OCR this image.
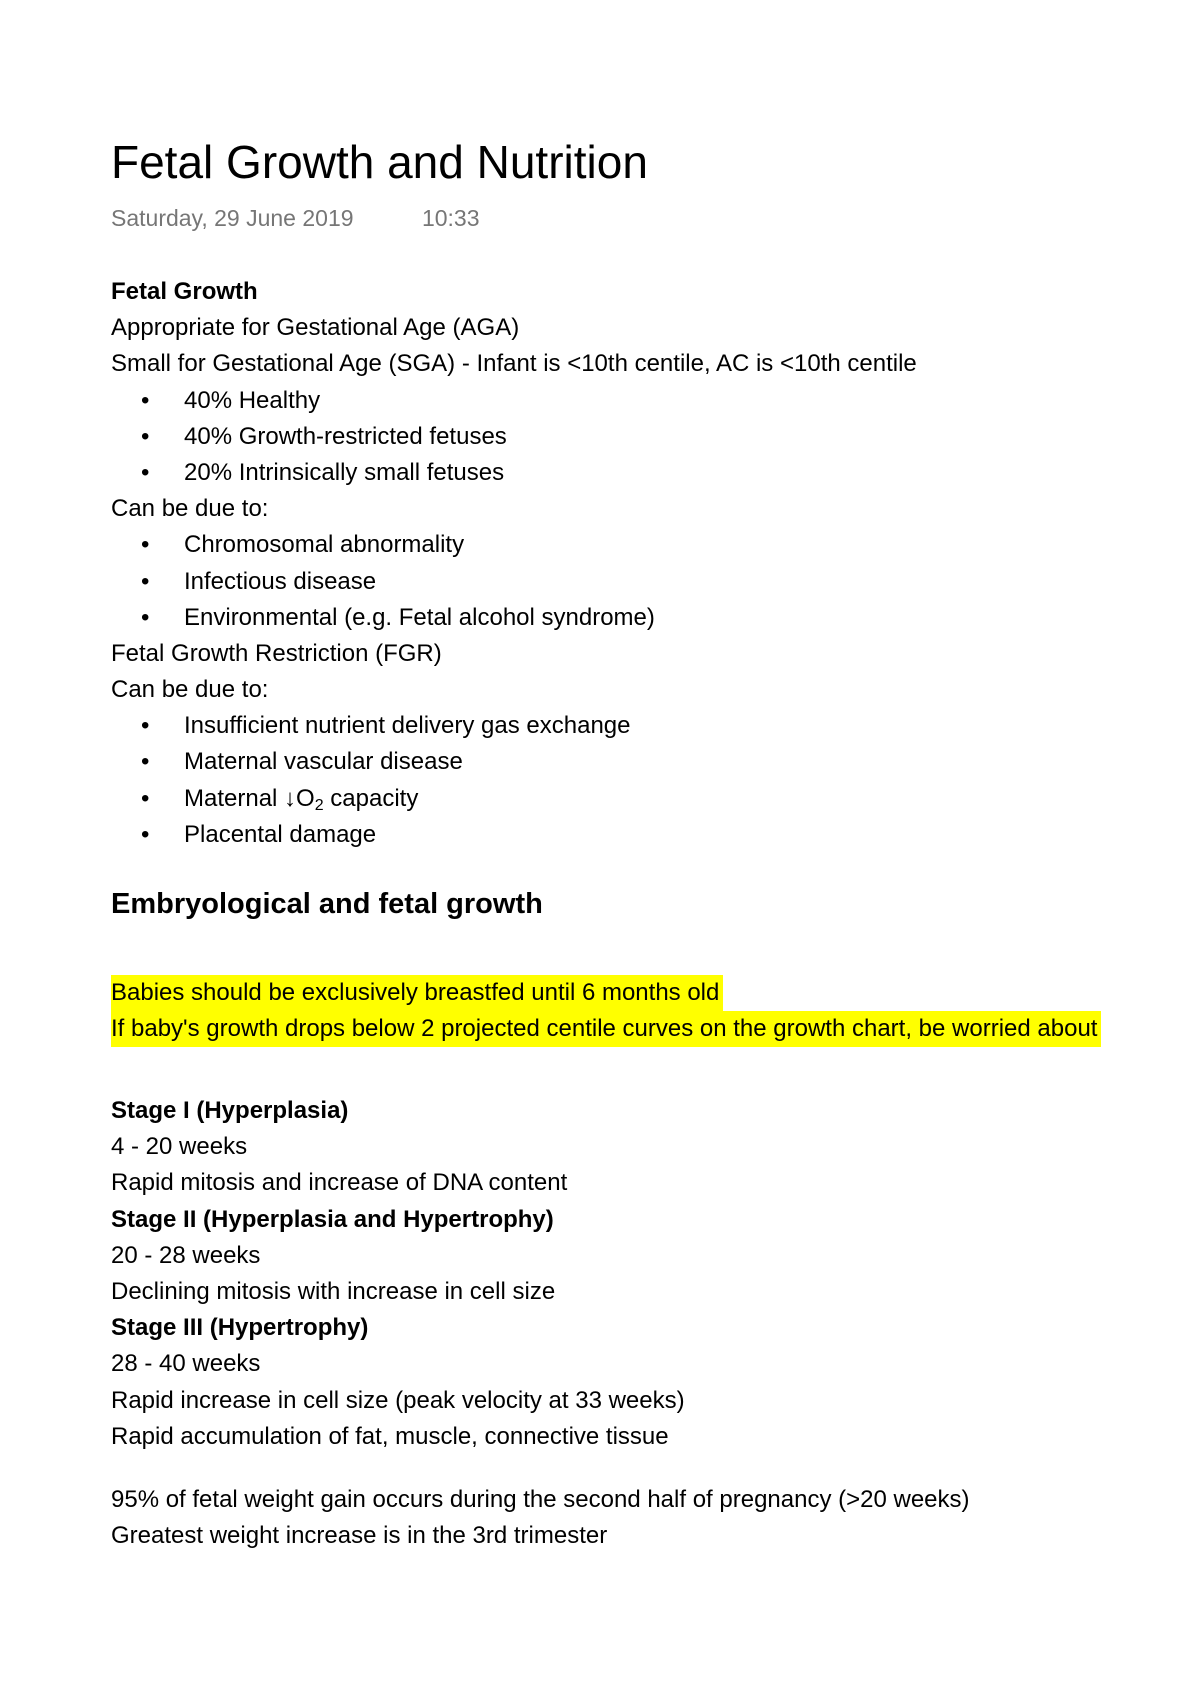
Fetal Growth and Nutrition
Saturday, 29 June 2019	10:33
Fetal Growth
Appropriate for Gestational Age (AGA)
Small for Gestational Age (SGA) - Infant is <10th centile, AC is <10th centile
• 40% Healthy
• 40% Growth-restricted fetuses
• 20% Intrinsically small fetuses
Can be due to:
• Chromosomal abnormality
• Infectious disease
• Environmental (e.g. Fetal alcohol syndrome)
Fetal Growth Restriction (FGR)
Can be due to:
• Insufficient nutrient delivery gas exchange
• Maternal vascular disease
• Maternal $↓O_2$ capacity
• Placental damage
Embryological and fetal growth
Babies should be exclusively breastfed until 6 months old
If baby's growth drops below 2 projected centile curves on the growth chart, be worried about
Stage I (Hyperplasia)
4 - 20 weeks
Rapid mitosis and increase of DNA content
Stage II (Hyperplasia and Hypertrophy)
20 - 28 weeks
Declining mitosis with increase in cell size
Stage III (Hypertrophy)
28 - 40 weeks
Rapid increase in cell size (peak velocity at 33 weeks)
Rapid accumulation of fat, muscle, connective tissue
95% of fetal weight gain occurs during the second half of pregnancy (>20 weeks)
Greatest weight increase is in the 3rd trimester
